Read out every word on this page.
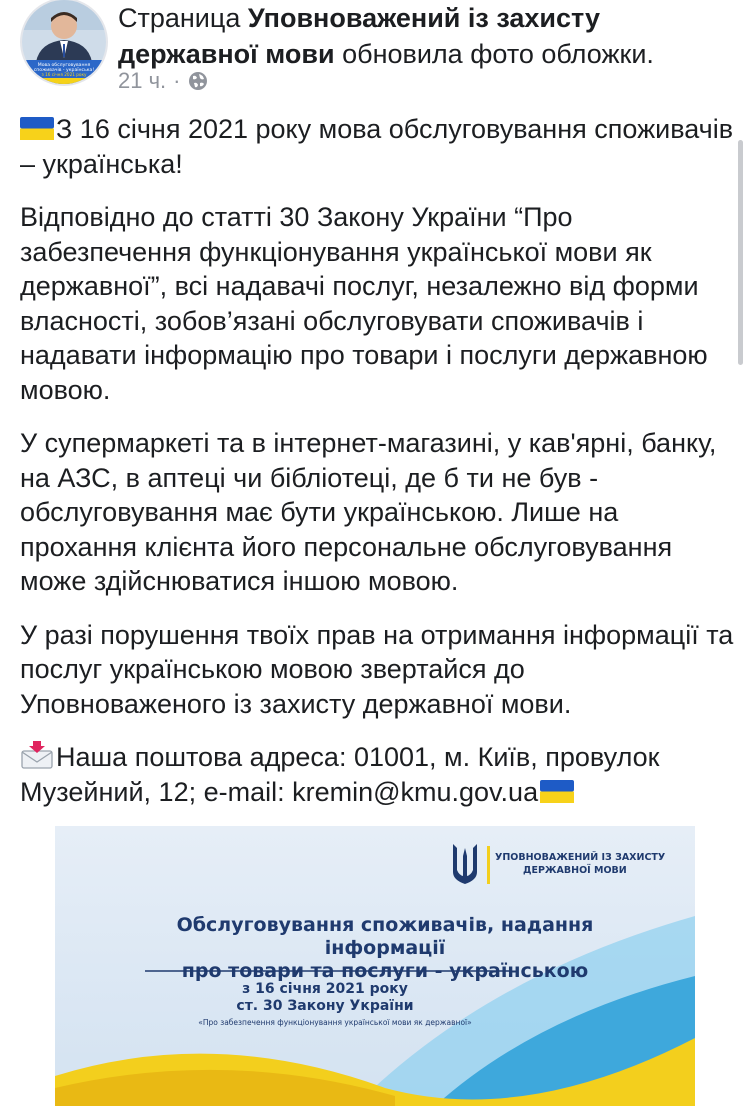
Мова обслуговування
споживачів - українська!
з 16 січня 2021 року
Страница Уповноважений із захисту державної мови обновила фото обложки.
21 ч. ·

З 16 січня 2021 року мова обслуговування споживачів – українська!

Відповідно до статті 30 Закону України “Про забезпечення функціонування української мови як державної”, всі надавачі послуг, незалежно від форми власності, зобов’язані обслуговувати споживачів і надавати інформацію про товари і послуги державною мовою.

У супермаркеті та в інтернет-магазині, у кав'ярні, банку, на АЗС, в аптеці чи бібліотеці, де б ти не був - обслуговування має бути українською. Лише на прохання клієнта його персональне обслуговування може здійснюватися іншою мовою.

У разі порушення твоїх прав на отримання інформації та послуг українською мовою звертайся до Уповноваженого із захисту державної мови.

Наша поштова адреса: 01001, м. Київ, провулок Музейний, 12; e-mail: kremin@kmu.gov.ua

УПОВНОВАЖЕНИЙ ІЗ ЗАХИСТУ
ДЕРЖАВНОЇ МОВИ
Обслуговування споживачів, надання інформації
про товари та послуги - українською
з 16 січня 2021 року
ст. 30 Закону України
«Про забезпечення функціонування української мови як державної»
